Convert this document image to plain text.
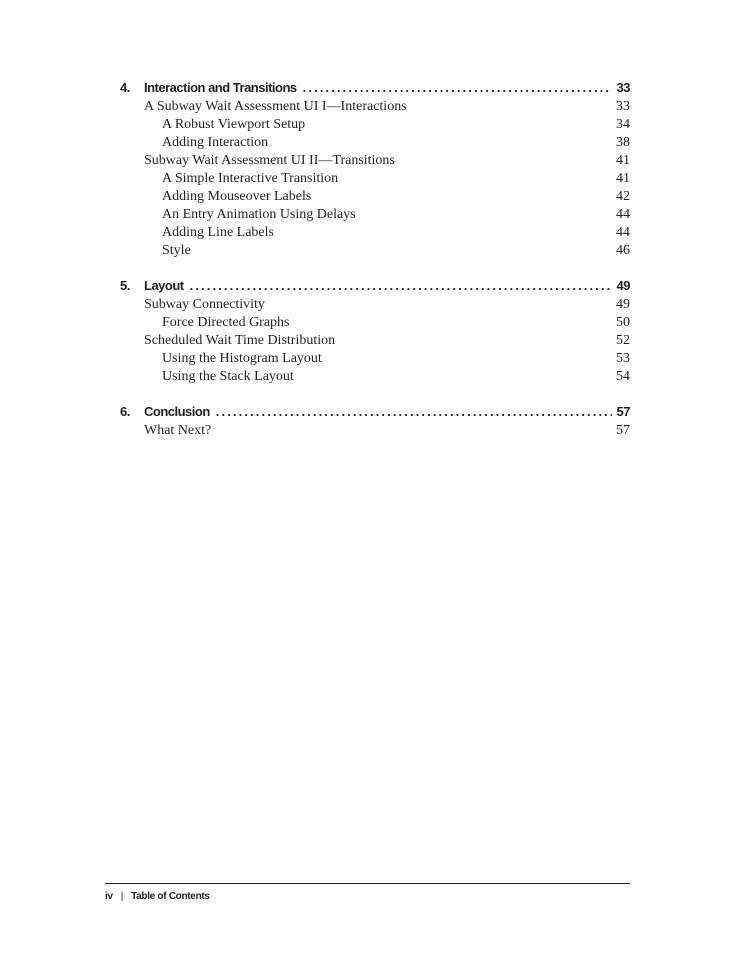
4.	Interaction and Transitions .....	33
A Subway Wait Assessment UI I—Interactions	33
A Robust Viewport Setup	34
Adding Interaction	38
Subway Wait Assessment UI II—Transitions	41
A Simple Interactive Transition	41
Adding Mouseover Labels	42
An Entry Animation Using Delays	44
Adding Line Labels	44
Style	46
5.	Layout .....	49
Subway Connectivity	49
Force Directed Graphs	50
Scheduled Wait Time Distribution	52
Using the Histogram Layout	53
Using the Stack Layout	54
6.	Conclusion .....	57
What Next?	57
iv | Table of Contents
